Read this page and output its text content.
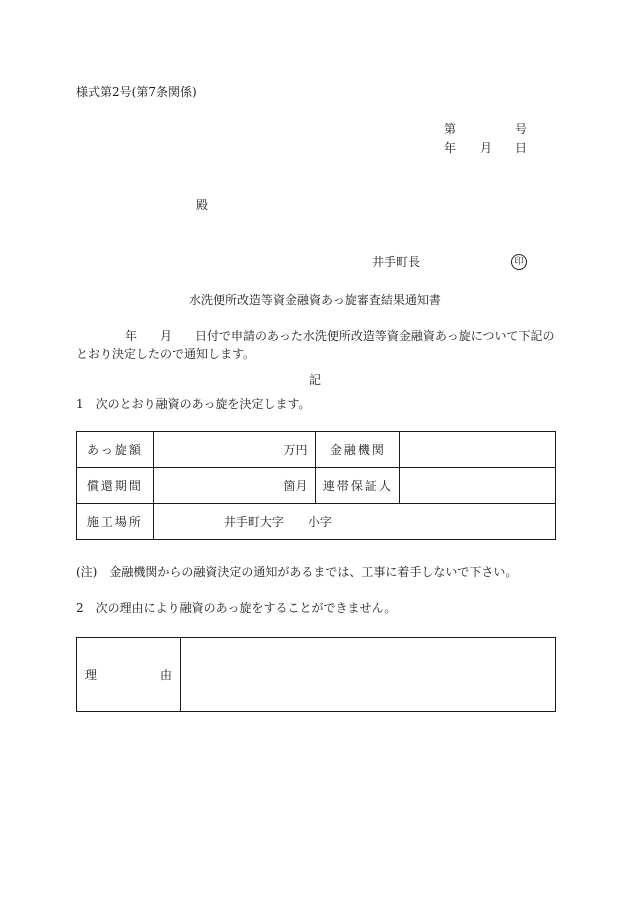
様式第2号(第7条関係)
第	号
年 月 日
殿
井手町長	印
水洗便所改造等資金融資あっ旋審査結果通知書
年 月 日付で申請のあった水洗便所改造等資金融資あっ旋について下記の
とおり決定したので通知します。
記
1　次のとおり融資のあっ旋を決定します。
あっ旋額	万円	金融機関	
償還期間	箇月	連帯保証人	
施工場所	井手町大字　　小字		
(注)　金融機関からの融資決定の通知があるまでは、工事に着手しないで下さい。
2　次の理由により融資のあっ旋をすることができません。
理	由
